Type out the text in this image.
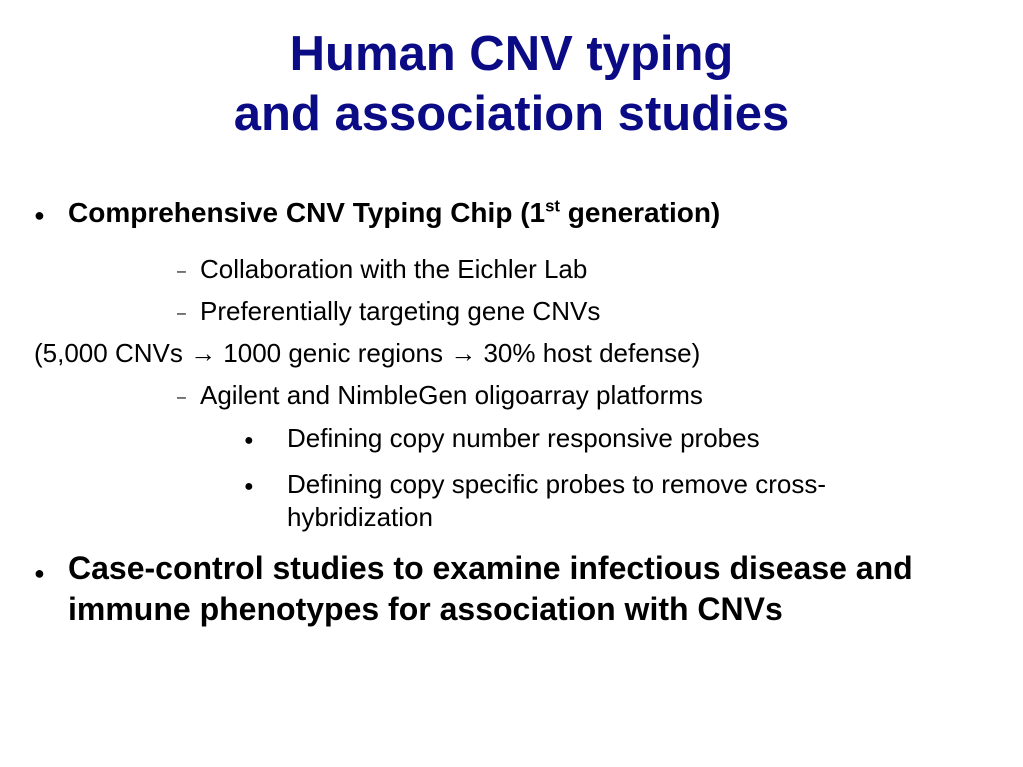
Human CNV typing
and association studies
● Comprehensive CNV Typing Chip (1st generation)
– Collaboration with the Eichler Lab
– Preferentially targeting gene CNVs
(5,000 CNVs → 1000 genic regions → 30% host defense)
– Agilent and NimbleGen oligoarray platforms
● Defining copy number responsive probes
● Defining copy specific probes to remove cross-hybridization
● Case-control studies to examine infectious disease and immune phenotypes for association with CNVs
